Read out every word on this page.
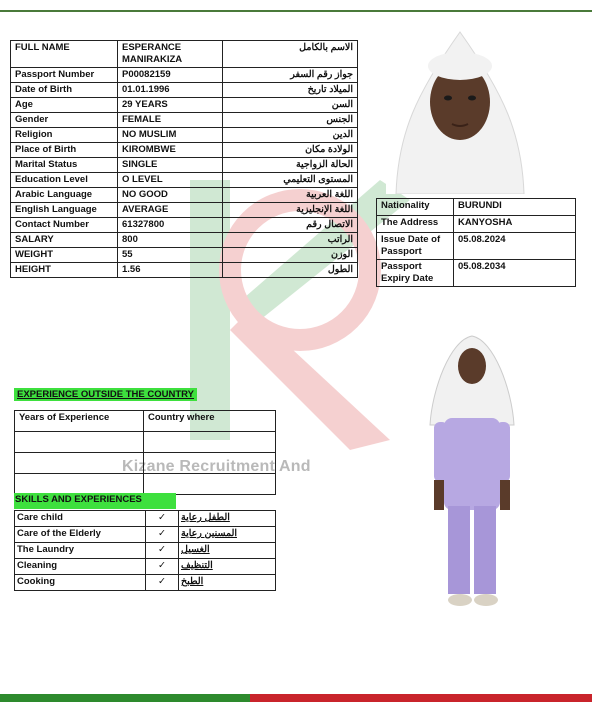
Kizane Recruitment And
FULL NAME	ESPERANCE MANIRAKIZA	الاسم بالكامل
Passport Number	P00082159	جواز رقم السفر
Date of Birth	01.01.1996	الميلاد تاريخ
Age	29 YEARS	السن
Gender	FEMALE	الجنس
Religion	NO MUSLIM	الدين
Place of Birth	KIROMBWE	الولادة مكان
Marital Status	SINGLE	الحالة الزواجية
Education Level	O LEVEL	المستوى التعليمي
Arabic Language	NO GOOD	اللغة العربية
English Language	AVERAGE	اللغة الإنجليزية
Contact Number	61327800	الاتصال رقم
SALARY	800	الراتب
WEIGHT	55	الوزن
HEIGHT	1.56	الطول
Nationality	BURUNDI
The Address	KANYOSHA
Issue Date of Passport	05.08.2024
Passport Expiry Date	05.08.2034
EXPERIENCE OUTSIDE THE COUNTRY
Years of Experience	Country where

SKILLS AND EXPERIENCES
Care child	✓	الطفل رعاية
Care of the Elderly	✓	المسنين رعاية
The Laundry	✓	الغسيل
Cleaning	✓	التنظيف
Cooking	✓	الطبخ
